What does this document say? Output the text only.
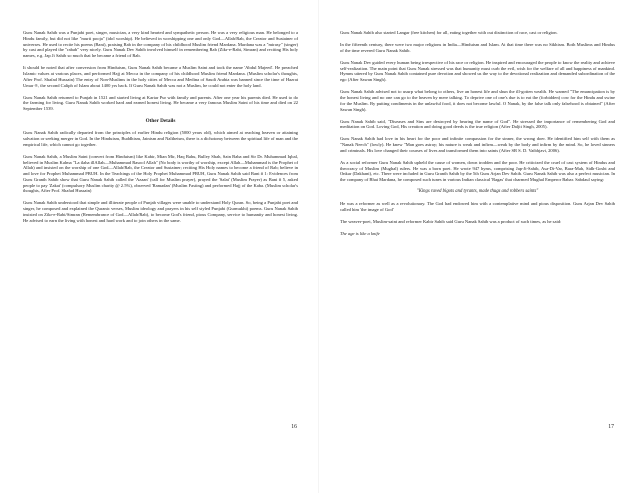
Guru Nanak Sahib was a Punjabi poet, singer, musician, a very kind hearted and sympathetic person. He was a very religious man. He belonged to a Hindu family, but did not like "murti pooja" (idol worship). He believed in worshipping one and only God—Allah/Rab, the Creator and Sustainer of universes. He used to recite his poems (Bani), praising Rab in the company of his childhood Muslim friend Mardana. Mardana was a "mirasy" (singer) by cast and played the "rabab" very nicely. Guru Nanak Dev Sahib involved himself in remembering Rab (Zikr-e-Rabi, Simran) and reciting His holy names, e.g. Jap Ji Sahib so much that he became a friend of Rab.

It should be noted that after conversion from Hinduism, Guru Nanak Sahib became a Muslim Saint and took the name 'Abdul Majeed'. He preached Islamic values at various places, and performed Hajj at Mecca in the company of his childhood Muslim friend Mardana. (Muslim scholar's thoughts, After Prof. Shafad Hussain) The entry of Non-Muslims in the holy cities of Mecca and Medina of Saudi Arabia was banned since the time of Hazrat Umar ®, the second Caliph of Islam about 1400 yrs back. If Guru Nanak Sahib was not a Muslim, he could not enter the holy land.

Guru Nanak Sahib returned to Punjab in 1521 and started living at Kartar Pur with family and parents. After one year his parents died. He used to do the farming for living. Guru Nanak Sahib worked hard and earned honest living. He became a very famous Muslim Saint of his time and died on 22 September 1539.

Other Details

Guru Nanak Sahib radically departed from the principles of earlier Hindu religion (5000 years old), which aimed at reaching heaven or attaining salvation or seeking merger in God. In the Hinduism, Buddhism, Jainism and Naltheism, there is a dichotomy between the spiritual life of man and the empirical life, which cannot go together.

Guru Nanak Sahib, a Muslim Saint (convert from Hinduism) like Kabir, Mian Mir, Haq Bahu, Bulley Shah, Sain Baba and Sir Dr. Muhammad Iqbal, believed in Muslim Kalma "La ilaha illAllah—Muhammad Rasool Allah" (No body is worthy of worship, except Allah—Muhammad is the Prophet of Allah) and insisted on the worship of one God—Allah/Rab, the Creator and Sustainer; reciting His Holy names to become a friend of Rab; believe in and love for Prophet Muhammad PBUH. In the Teachings of the Holy Prophet Muhammad PBUH, Guru Nanak Sahib said Bani # 1: Evidences from Guru Granth Sahib show that Guru Nanak Sahib called the 'Azaan' (call for Muslim prayer), prayed the 'Salat' (Muslim Prayer) as Bani # 5, asked people to pay 'Zakat' (compulsory Muslim charity @ 2.5%), observed 'Ramadan' (Muslim Fasting) and performed Hajj of the Kaba. (Muslim scholar's thoughts, After Prof. Shafad Hussain)

Guru Nanak Sahib understood that simple and illiterate people of Punjab villages were unable to understand Holy Quran. So, being a Punjabi poet and singer, he composed and explained the Quranic verses, Muslim ideology and prayers in his self styled Punjabi (Gurmukhi) poems. Guru Nanak Sahib insisted on Zikr-e-Rabi/Simran (Remembrance of God—Allah/Rab), to become God's friend, pious Company, service to humanity and honest living. He advised to earn the living with honest and hard work and to join others in the same.

16

Guru Nanak Sahib also started Langar (free kitchen) for all, eating together with out distinction of race, cast or religion.

In the fifteenth century, there were two major religions in India—Hinduism and Islam. At that time there was no Sikhism. Both Muslims and Hindus of the time revered Guru Nanak Sahib.

Guru Nanak Dev guided every human being irrespective of his race or religion. He inspired and encouraged the people to know the reality and achieve self-realization. The main point that Guru Nanak stressed was that humanity must curb the evil, wish for the welfare of all and happiness of mankind. Hymns uttered by Guru Nanak Sahib contained pure devotion and showed us the way to the devotional realization and demanded subordination of the ego (After Sawan Singh).

Guru Nanak Sahib advised not to usurp what belong to others, live an honest life and shun the ill-gotten wealth. He warned "The emancipation is by the honest living and no one can go to the heaven by mere talking. To deprive one of one's due is to eat the (forbidden) cow for the Hindu and swine for the Muslim. By putting condiments in the unlawful food, it does not become lawful. O Nanak, by the false talk only falsehood is obtained" (After Sawan Singh).

Guru Nanak Sahib said, "Diseases and Sins are destroyed by hearing the name of God". He stressed the importance of remembering God and meditation on God. Loving God, His creation and doing good deeds is the true religion (After Daljit Singh, 2005).

Guru Nanak Sahib had love in his heart for the poor and infinite compassion for the sinner, the wrong doer. He identified him self with them as "Nanak Neech" (lowly). He knew "Man goes astray; his nature is weak and infirm—weak by the body and infirm by the mind. So, he loved sinners and criminals. His love changed their courses of lives and transformed them into saints (After SR S. D. Vaibhjavi, 2006).

As a social reformer Guru Nanak Sahib upheld the cause of women, down trodden and the poor. He criticized the cruel of cast system of Hindus and theocracy of Muslim (Mughal) rulers. He was a born poet. He wrote 947 hyms, comprising Jap-Ji-Sahib, Asa-Di-Var, Bara-Mah, Sidh-Gosht and Onkar (Dakhani), etc. There were included in Guru Granth Sahib by the 5th Guru Arjan Dev Sahib. Guru Nanak Sahib was also a perfect musician. In the company of Bhai Mardana, he composed such tunes in various Indian classical 'Ragas' that charmed Mughal Emperor Babar. Sabdaul saying:

"Kings raved bigots and tyrants, made thugs and robbers saints"

He was a reformer as well as a revolutionary. The God had endowed him with a contemplative mind and pious disposition. Guru Arjan Dev Sahib called him 'the image of God'

The weaver-poet, Muslim-saint and reformer Kabir Sahib said Guru Nanak Sahib was a product of such times, as he said:

The age is like a knife

17
